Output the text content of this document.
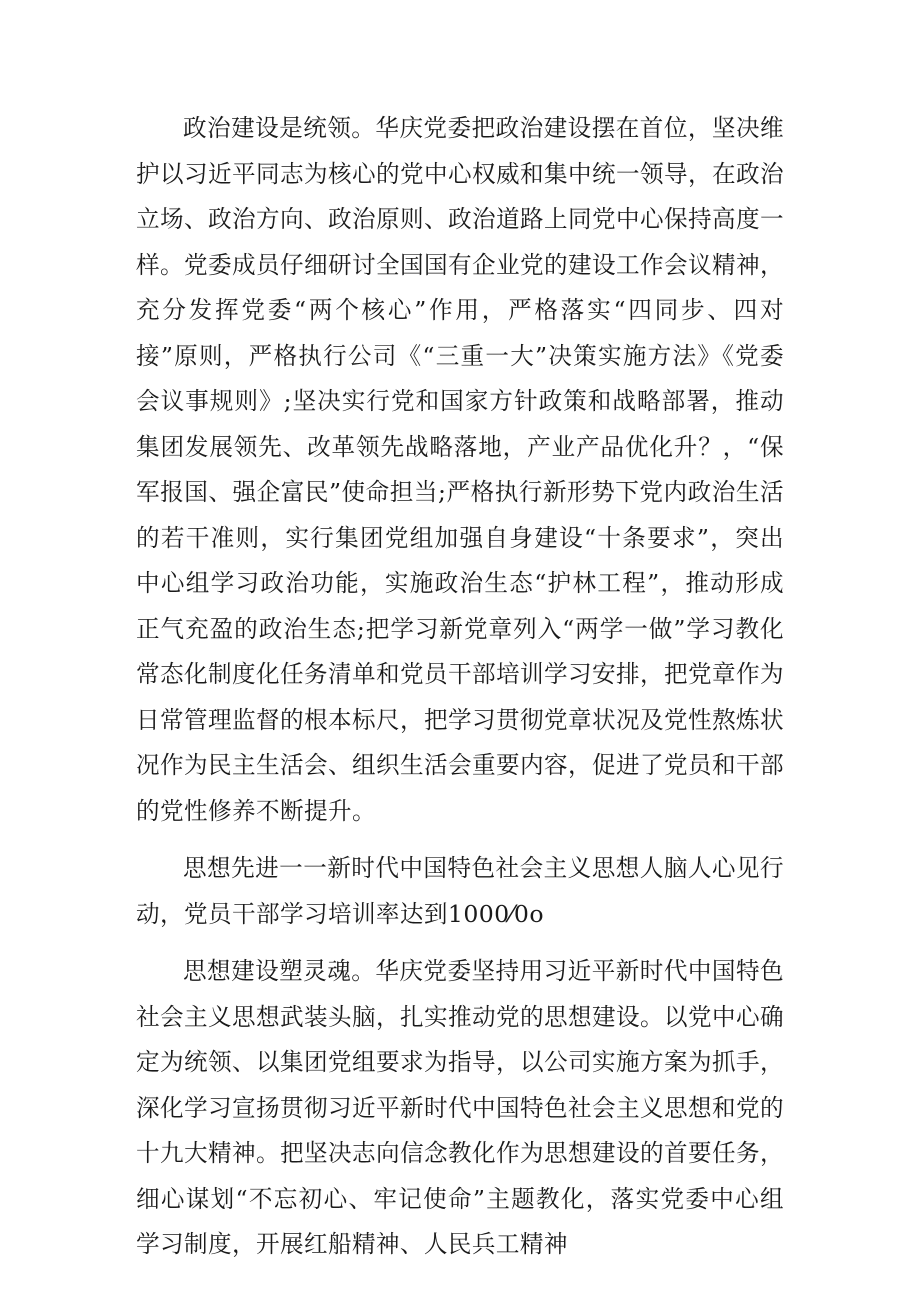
政治建设是统领。华庆党委把政治建设摆在首位，坚决维护以习近平同志为核心的党中心权威和集中统一领导，在政治立场、政治方向、政治原则、政治道路上同党中心保持高度一样。党委成员仔细研讨全国国有企业党的建设工作会议精神，充分发挥党委“两个核心”作用，严格落实“四同步、四对接”原则，严格执行公司《“三重一大”决策实施方法》《党委会议事规则》;坚决实行党和国家方针政策和战略部署，推动集团发展领先、改革领先战略落地，产业产品优化升？，“保军报国、强企富民”使命担当;严格执行新形势下党内政治生活的若干准则，实行集团党组加强自身建设“十条要求”，突出中心组学习政治功能，实施政治生态“护林工程”，推动形成正气充盈的政治生态;把学习新党章列入“两学一做”学习教化常态化制度化任务清单和党员干部培训学习安排，把党章作为日常管理监督的根本标尺，把学习贯彻党章状况及党性熬炼状况作为民主生活会、组织生活会重要内容，促进了党员和干部的党性修养不断提升。

思想先进一一新时代中国特色社会主义思想人脑人心见行动，党员干部学习培训率达到1000⁄0o

思想建设塑灵魂。华庆党委坚持用习近平新时代中国特色社会主义思想武装头脑，扎实推动党的思想建设。以党中心确定为统领、以集团党组要求为指导，以公司实施方案为抓手，深化学习宣扬贯彻习近平新时代中国特色社会主义思想和党的十九大精神。把坚决志向信念教化作为思想建设的首要任务，细心谋划“不忘初心、牢记使命”主题教化，落实党委中心组学习制度，开展红船精神、人民兵工精神
